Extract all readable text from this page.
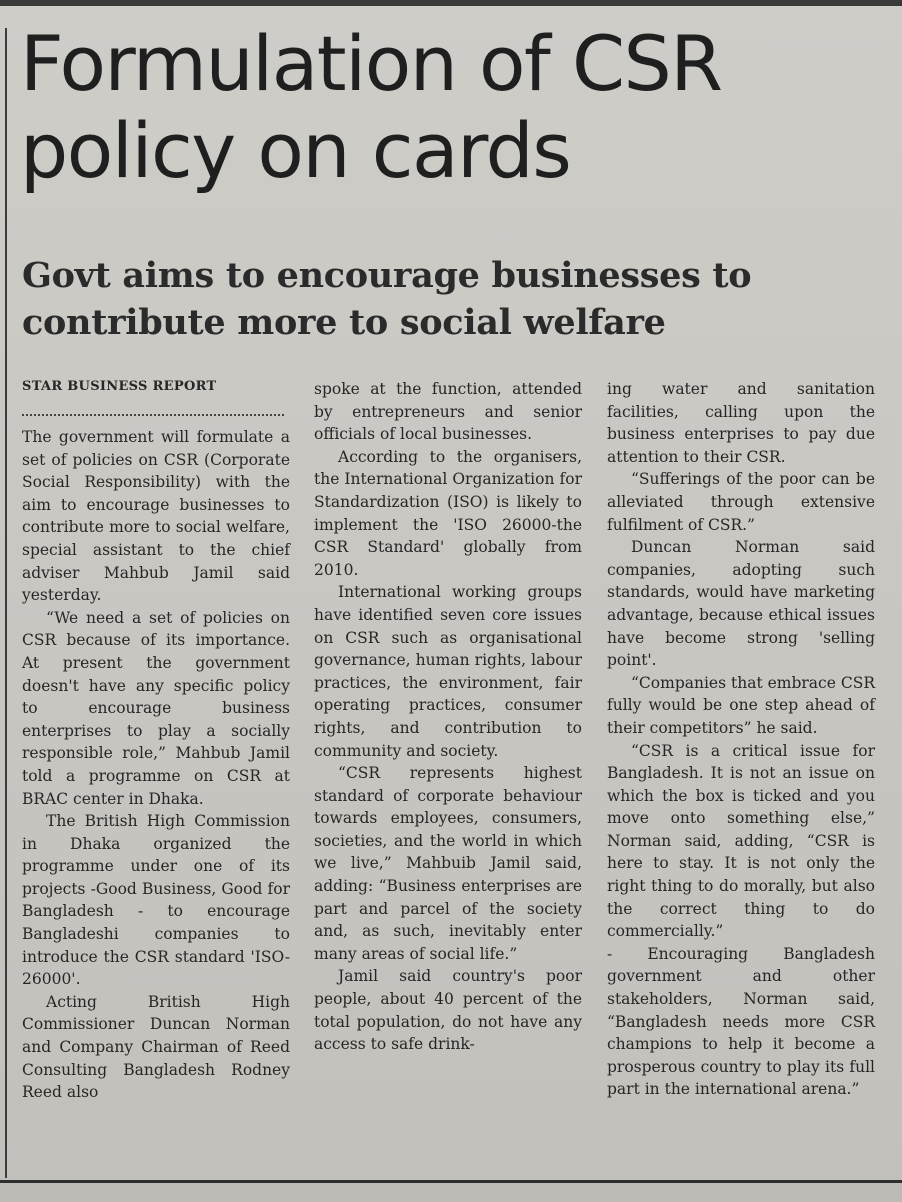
Formulation of CSR policy on cards
Govt aims to encourage businesses to contribute more to social welfare

STAR BUSINESS REPORT

The government will formulate a set of policies on CSR (Corporate Social Responsibility) with the aim to encourage businesses to contribute more to social welfare, special assistant to the chief adviser Mahbub Jamil said yesterday.

“We need a set of policies on CSR because of its importance. At present the government doesn't have any specific policy to encourage business enterprises to play a socially responsible role,” Mahbub Jamil told a programme on CSR at BRAC center in Dhaka.

The British High Commission in Dhaka organized the programme under one of its projects -Good Business, Good for Bangladesh - to encourage Bangladeshi companies to introduce the CSR standard 'ISO-26000'.

Acting British High Commissioner Duncan Norman and Company Chairman of Reed Consulting Bangladesh Rodney Reed also

spoke at the function, attended by entrepreneurs and senior officials of local businesses.

According to the organisers, the International Organization for Standardization (ISO) is likely to implement the 'ISO 26000-the CSR Standard' globally from 2010.

International working groups have identified seven core issues on CSR such as organisational governance, human rights, labour practices, the environment, fair operating practices, consumer rights, and contribution to community and society.

“CSR represents highest standard of corporate behaviour towards employees, consumers, societies, and the world in which we live,” Mahbuib Jamil said, adding: “Business enterprises are part and parcel of the society and, as such, inevitably enter many areas of social life.”

Jamil said country's poor people, about 40 percent of the total population, do not have any access to safe drink-

ing water and sanitation facilities, calling upon the business enterprises to pay due attention to their CSR.

“Sufferings of the poor can be alleviated through extensive fulfilment of CSR.”

Duncan Norman said companies, adopting such standards, would have marketing advantage, because ethical issues have become strong 'selling point'.

“Companies that embrace CSR fully would be one step ahead of their competitors” he said.

“CSR is a critical issue for Bangladesh. It is not an issue on which the box is ticked and you move onto something else,” Norman said, adding, “CSR is here to stay. It is not only the right thing to do morally, but also the correct thing to do commercially.”

- Encouraging Bangladesh government and other stakeholders, Norman said, “Bangladesh needs more CSR champions to help it become a prosperous country to play its full part in the international arena.”
